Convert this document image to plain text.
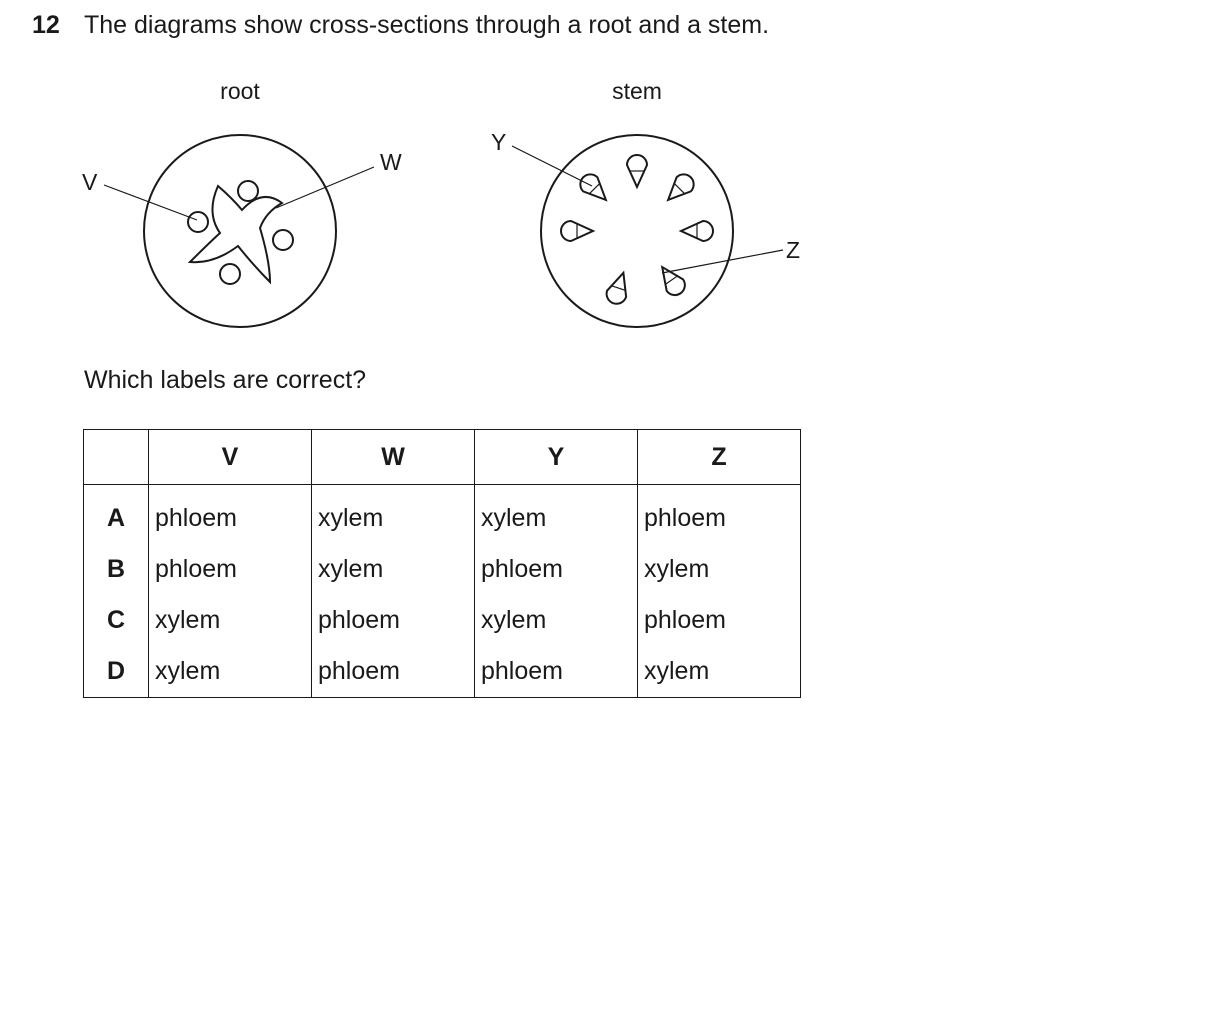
12 The diagrams show cross-sections through a root and a stem.
root
V
W
stem
Y
Z
Which labels are correct?
	V	W	Y	Z
A	phloem	xylem	xylem	phloem
B	phloem	xylem	phloem	xylem
C	xylem	phloem	xylem	phloem
D	xylem	phloem	phloem	xylem
